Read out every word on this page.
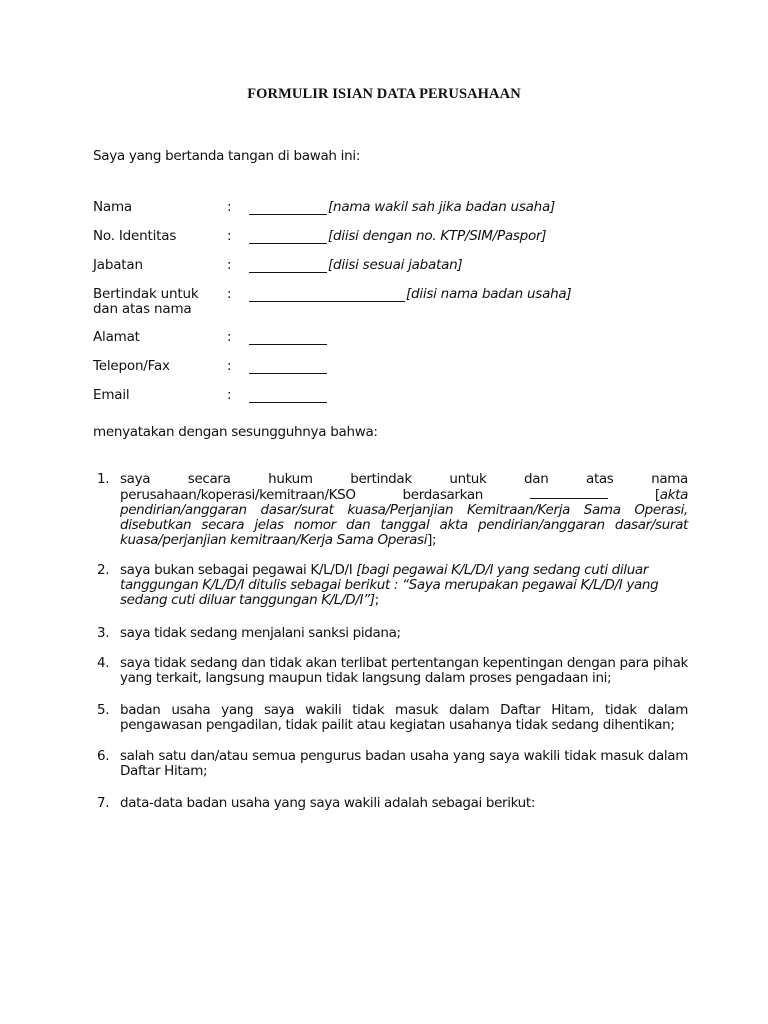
FORMULIR ISIAN DATA PERUSAHAAN
Saya yang bertanda tangan di bawah ini:
Nama	:	[nama wakil sah jika badan usaha]
No. Identitas	:	[diisi dengan no. KTP/SIM/Paspor]
Jabatan	:	[diisi sesuai jabatan]
Bertindak untuk
dan atas nama
:	[diisi nama badan usaha]
Alamat	:
Telepon/Fax	:
Email	:
menyatakan dengan sesungguhnya bahwa:
1. saya	secara	hukum	bertindak	untuk	dan	atas	nama
perusahaan/koperasi/kemitraan/KSO berdasarkan	[akta pendirian/anggaran dasar/surat kuasa/Perjanjian Kemitraan/Kerja Sama Operasi, disebutkan secara jelas nomor dan tanggal akta pendirian/anggaran dasar/surat kuasa/perjanjian kemitraan/Kerja Sama Operasi];
2. saya bukan sebagai pegawai K/L/D/I [bagi pegawai K/L/D/I yang sedang cuti diluar tanggungan K/L/D/I ditulis sebagai berikut : “Saya merupakan pegawai K/L/D/I yang sedang cuti diluar tanggungan K/L/D/I”];
3. saya tidak sedang menjalani sanksi pidana;
4. saya tidak sedang dan tidak akan terlibat pertentangan kepentingan dengan para pihak yang terkait, langsung maupun tidak langsung dalam proses pengadaan ini;
5. badan usaha yang saya wakili tidak masuk dalam Daftar Hitam, tidak dalam pengawasan pengadilan, tidak pailit atau kegiatan usahanya tidak sedang dihentikan;
6. salah satu dan/atau semua pengurus badan usaha yang saya wakili tidak masuk dalam Daftar Hitam;
7. data-data badan usaha yang saya wakili adalah sebagai berikut:
